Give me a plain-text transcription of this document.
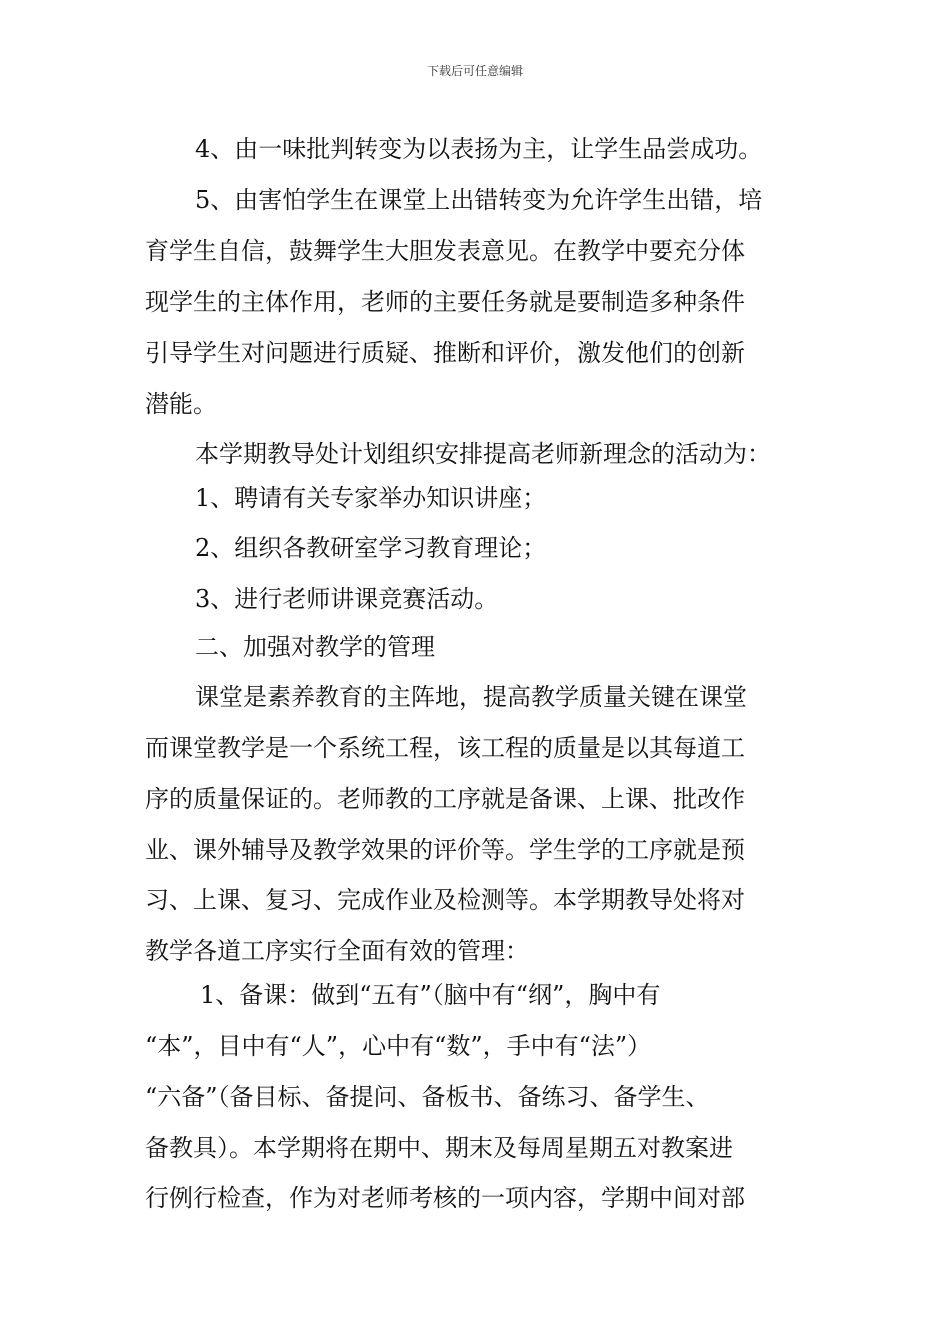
下载后可任意编辑
4、由一味批判转变为以表扬为主，让学生品尝成功。
5、由害怕学生在课堂上出错转变为允许学生出错，培
育学生自信，鼓舞学生大胆发表意见。在教学中要充分体
现学生的主体作用，老师的主要任务就是要制造多种条件
引导学生对问题进行质疑、推断和评价，激发他们的创新
潜能。
本学期教导处计划组织安排提高老师新理念的活动为：
1、聘请有关专家举办知识讲座；
2、组织各教研室学习教育理论；
3、进行老师讲课竞赛活动。
二、加强对教学的管理
课堂是素养教育的主阵地，提高教学质量关键在课堂
而课堂教学是一个系统工程，该工程的质量是以其每道工
序的质量保证的。老师教的工序就是备课、上课、批改作
业、课外辅导及教学效果的评价等。学生学的工序就是预
习、上课、复习、完成作业及检测等。本学期教导处将对
教学各道工序实行全面有效的管理：
1、备课：做到“五有”（脑中有“纲”，胸中有
“本”，目中有“人”，心中有“数”，手中有“法”）
“六备”（备目标、备提问、备板书、备练习、备学生、
备教具）。本学期将在期中、期末及每周星期五对教案进
行例行检查，作为对老师考核的一项内容，学期中间对部
